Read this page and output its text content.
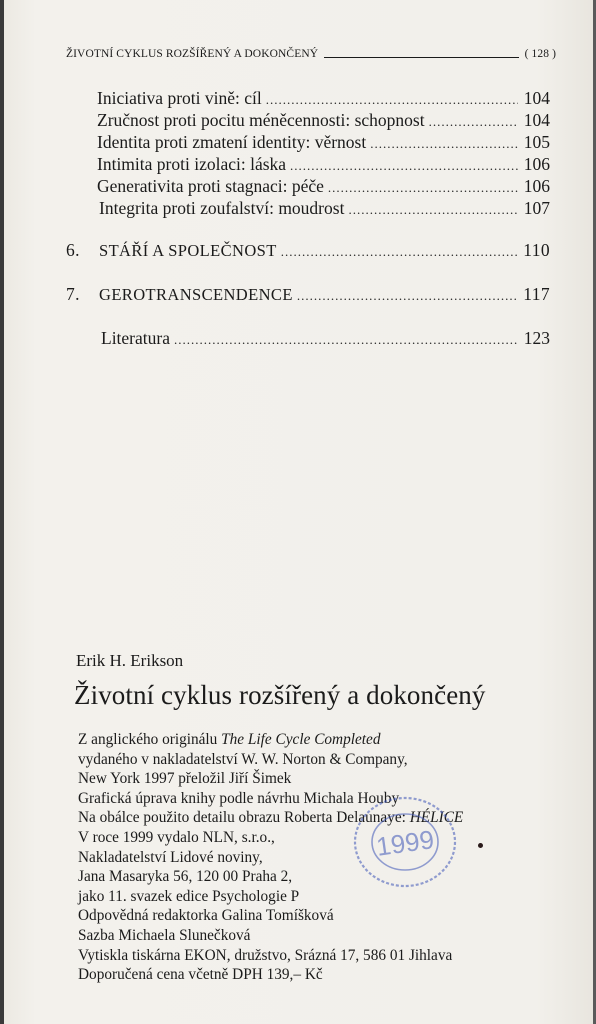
ŽIVOTNÍ CYKLUS ROZŠÍŘENÝ A DOKONČENÝ	( 128 )
Iniciativa proti vině: cíl .....	104
Zručnost proti pocitu méněcennosti: schopnost .....	104
Identita proti zmatení identity: věrnost .....	105
Intimita proti izolaci: láska .....	106
Generativita proti stagnaci: péče .....	106
Integrita proti zoufalství: moudrost .....	107
6.	STÁŘÍ A SPOLEČNOST .....	110
7.	GEROTRANSCENDENCE .....	117
Literatura .....	123
Erik H. Erikson
Životní cyklus rozšířený a dokončený
Z anglického originálu The Life Cycle Completed
vydaného v nakladatelství W. W. Norton & Company,
New York 1997 přeložil Jiří Šimek
Grafická úprava knihy podle návrhu Michala Houby
Na obálce použito detailu obrazu Roberta Delaunaye: HÉLICE
V roce 1999 vydalo NLN, s.r.o.,
Nakladatelství Lidové noviny,
Jana Masaryka 56, 120 00 Praha 2,
jako 11. svazek edice Psychologie P
Odpovědná redaktorka Galina Tomíšková
Sazba Michaela Slunečková
Vytiskla tiskárna EKON, družstvo, Srázná 17, 586 01 Jihlava
Doporučená cena včetně DPH 139,– Kč
1999
